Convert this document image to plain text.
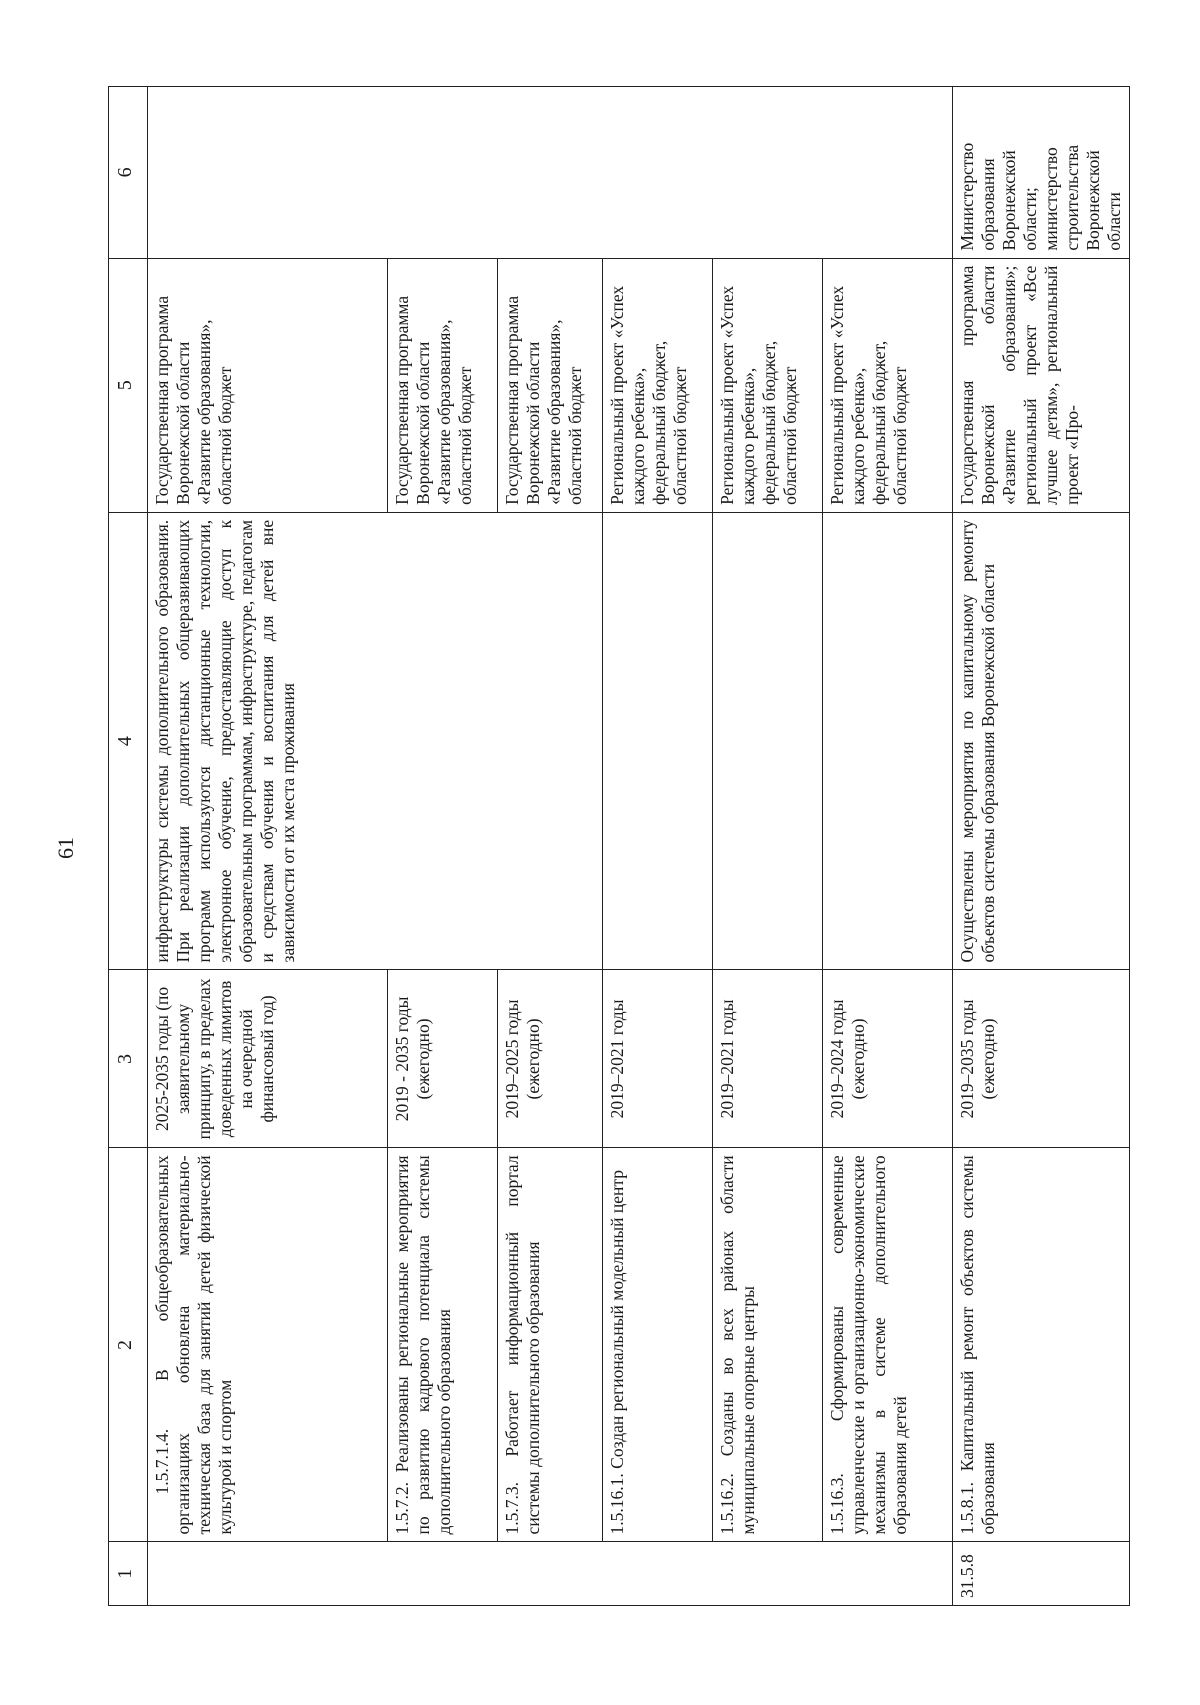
61
1	2	3	4	5	6
	1.5.7.1.4. В общеобразовательных организациях обновлена материально-техническая база для занятий детей физической культурой и спортом	2025-2035 годы (по заявительному принципу, в пределах доведенных лимитов на очередной финансовый год)	инфраструктуры системы дополнительного образования. При реализации дополнительных общеразвивающих программ используются дистанционные технологии, электронное обучение, предоставляющие доступ к образовательным программам, инфраструктуре, педагогам и средствам обучения и воспитания для детей вне зависимости от их места проживания	Государственная программа Воронежской области «Развитие образования», областной бюджет	
	1.5.7.2. Реализованы региональные мероприятия по развитию кадрового потенциала системы дополнительного образования	2019 - 2035 годы (ежегодно)		Государственная программа Воронежской области «Развитие образования», областной бюджет	
	1.5.7.3. Работает информационный портал системы дополнительного образования	2019–2025 годы (ежегодно)		Государственная программа Воронежской области «Развитие образования», областной бюджет	
	1.5.16.1. Создан региональный модельный центр	2019–2021 годы		Региональный проект «Успех каждого ребенка», федеральный бюджет, областной бюджет	
	1.5.16.2. Созданы во всех районах области муниципальные опорные центры	2019–2021 годы		Региональный проект «Успех каждого ребенка», федеральный бюджет, областной бюджет	
	1.5.16.3. Сформированы современные управленческие и организационно-экономические механизмы в системе дополнительного образования детей	2019–2024 годы (ежегодно)		Региональный проект «Успех каждого ребенка», федеральный бюджет, областной бюджет	
31.5.8	1.5.8.1. Капитальный ремонт объектов системы образования	2019–2035 годы (ежегодно)	Осуществлены мероприятия по капитальному ремонту объектов системы образования Воронежской области	Государственная программа Воронежской области «Развитие образования»; региональный проект «Все лучшее детям», региональный проект «Про-	Министерство образования Воронежской области; министерство строительства Воронежской области
